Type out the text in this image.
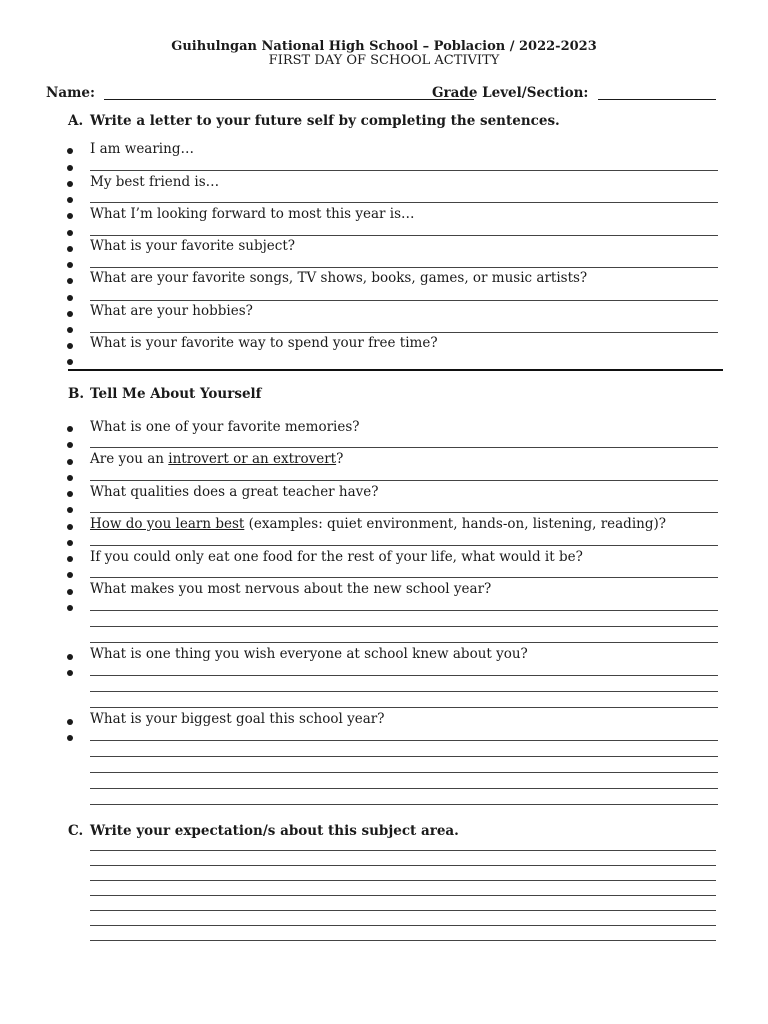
Guihulngan National High School – Poblacion / 2022-2023
FIRST DAY OF SCHOOL ACTIVITY
Name:	Grade Level/Section:
A. Write a letter to your future self by completing the sentences.
I am wearing…
My best friend is…
What I’m looking forward to most this year is…
What is your favorite subject?
What are your favorite songs, TV shows, books, games, or music artists?
What are your hobbies?
What is your favorite way to spend your free time?
B. Tell Me About Yourself
What is one of your favorite memories?
Are you an introvert or an extrovert?
What qualities does a great teacher have?
How do you learn best (examples: quiet environment, hands-on, listening, reading)?
If you could only eat one food for the rest of your life, what would it be?
What makes you most nervous about the new school year?
What is one thing you wish everyone at school knew about you?
What is your biggest goal this school year?
C. Write your expectation/s about this subject area.
